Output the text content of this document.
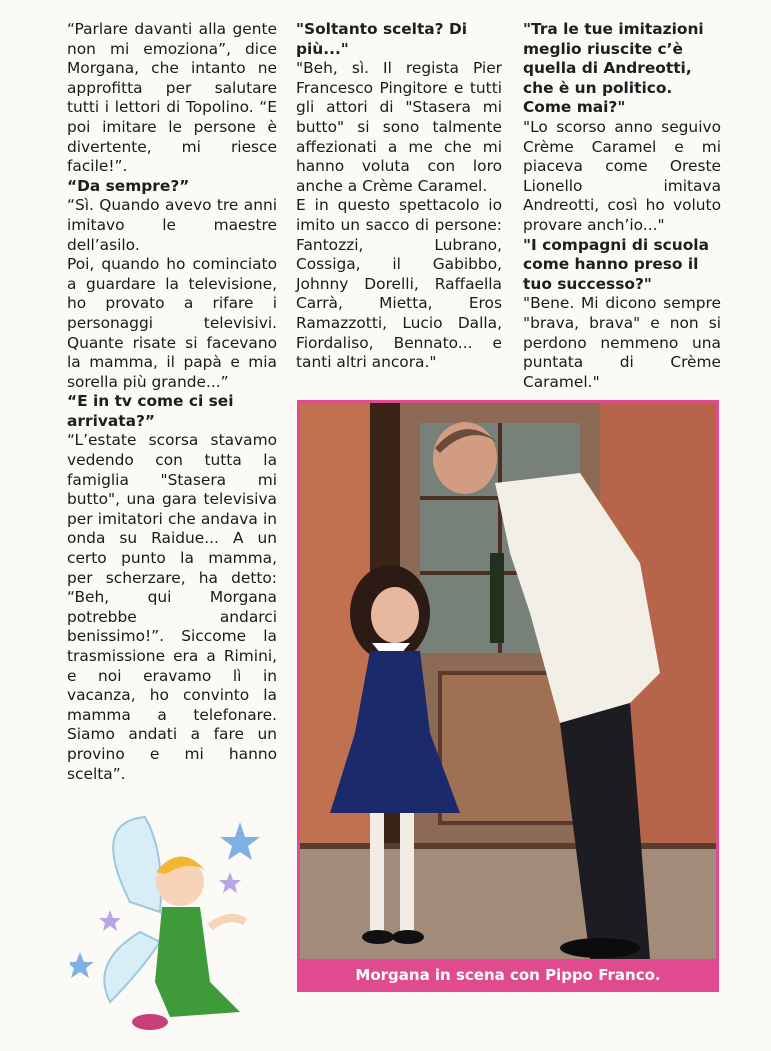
“Parlare davanti alla gente non mi emoziona”, dice Morgana, che intanto ne approfitta per salutare tutti i lettori di Topolino. “E poi imitare le persone è divertente, mi riesce facile!”.

“Da sempre?”

“Sì. Quando avevo tre anni imitavo le maestre dell’asilo.

Poi, quando ho cominciato a guardare la televisione, ho provato a rifare i personaggi televisivi. Quante risate si facevano la mamma, il papà e mia sorella più grande...”

“E in tv come ci sei arrivata?”

“L’estate scorsa stavamo vedendo con tutta la famiglia "Stasera mi butto", una gara televisiva per imitatori che andava in onda su Raidue... A un certo punto la mamma, per scherzare, ha detto: “Beh, qui Morgana potrebbe andarci benissimo!”. Siccome la trasmissione era a Rimini, e noi eravamo lì in vacanza, ho convinto la mamma a telefonare. Siamo andati a fare un provino e mi hanno scelta”.

"Soltanto scelta? Di più..."

"Beh, sì. Il regista Pier Francesco Pingitore e tutti gli attori di "Stasera mi butto" si sono talmente affezionati a me che mi hanno voluta con loro anche a Crème Caramel.

E in questo spettacolo io imito un sacco di persone: Fantozzi, Lubrano, Cossiga, il Gabibbo, Johnny Dorelli, Raffaella Carrà, Mietta, Eros Ramazzotti, Lucio Dalla, Fiordaliso, Bennato... e tanti altri ancora."

"Tra le tue imitazioni meglio riuscite c’è quella di Andreotti, che è un politico. Come mai?"

"Lo scorso anno seguivo Crème Caramel e mi piaceva come Oreste Lionello imitava Andreotti, così ho voluto provare anch’io..."

"I compagni di scuola come hanno preso il tuo successo?"

"Bene. Mi dicono sempre "brava, brava" e non si perdono nemmeno una puntata di Crème Caramel."

Morgana in scena con Pippo Franco.
